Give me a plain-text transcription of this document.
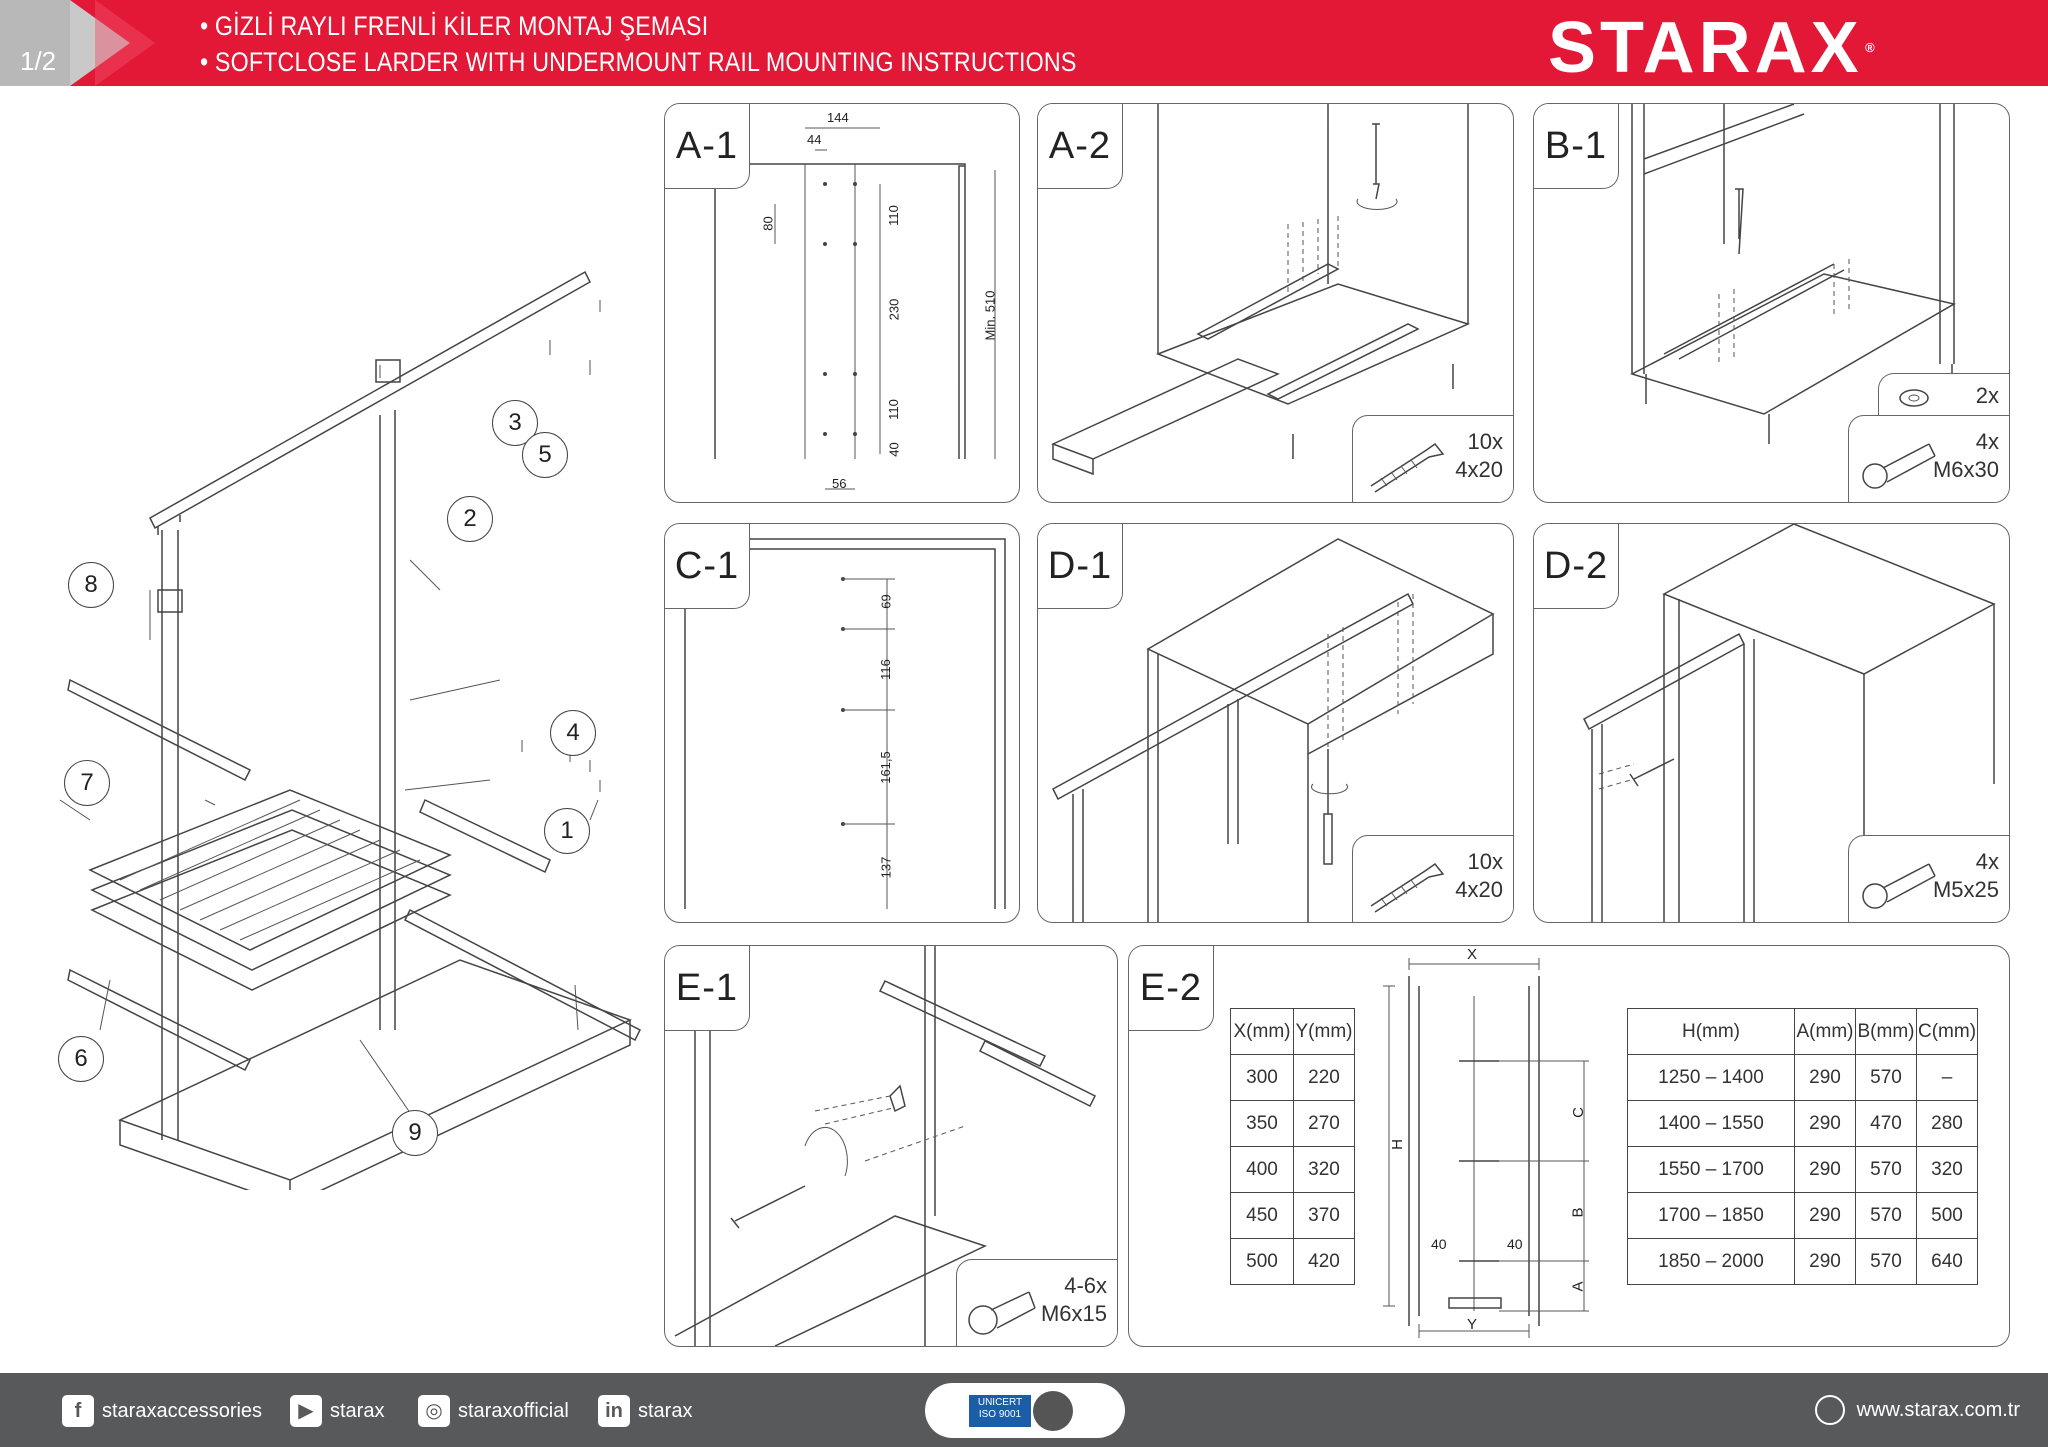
1/2
• GİZLİ RAYLI FRENLİ KİLER MONTAJ ŞEMASI
• SOFTCLOSE LARDER WITH UNDERMOUNT RAIL MOUNTING INSTRUCTIONS	STARAX ®
1
2
3
4
5
6
7
8
9
A-1
144
44
80	110
230
110
40
56
Min. 510
A-2
10x
4x20
B-1
2x
4x
M6x30
C-1
69
116
161,5
137
D-1
10x
4x20
D-2
4x
M5x25
E-1
4-6x
M6x15
E-2
X(mm)	Y(mm)
300	220
350	270
400	320
450	370
500	420
X
Y
H
C
B
A
40	40
H(mm)	A(mm)	B(mm)	C(mm)
1250 – 1400	290	570	–
1400 – 1550	290	470	280
1550 – 1700	290	570	320
1700 – 1850	290	570	500
1850 – 2000	290	570	640
f	staraxaccessories	▶ starax	◎ staraxofficial	in starax	UNICERT
ISO 9001	www.starax.com.tr
